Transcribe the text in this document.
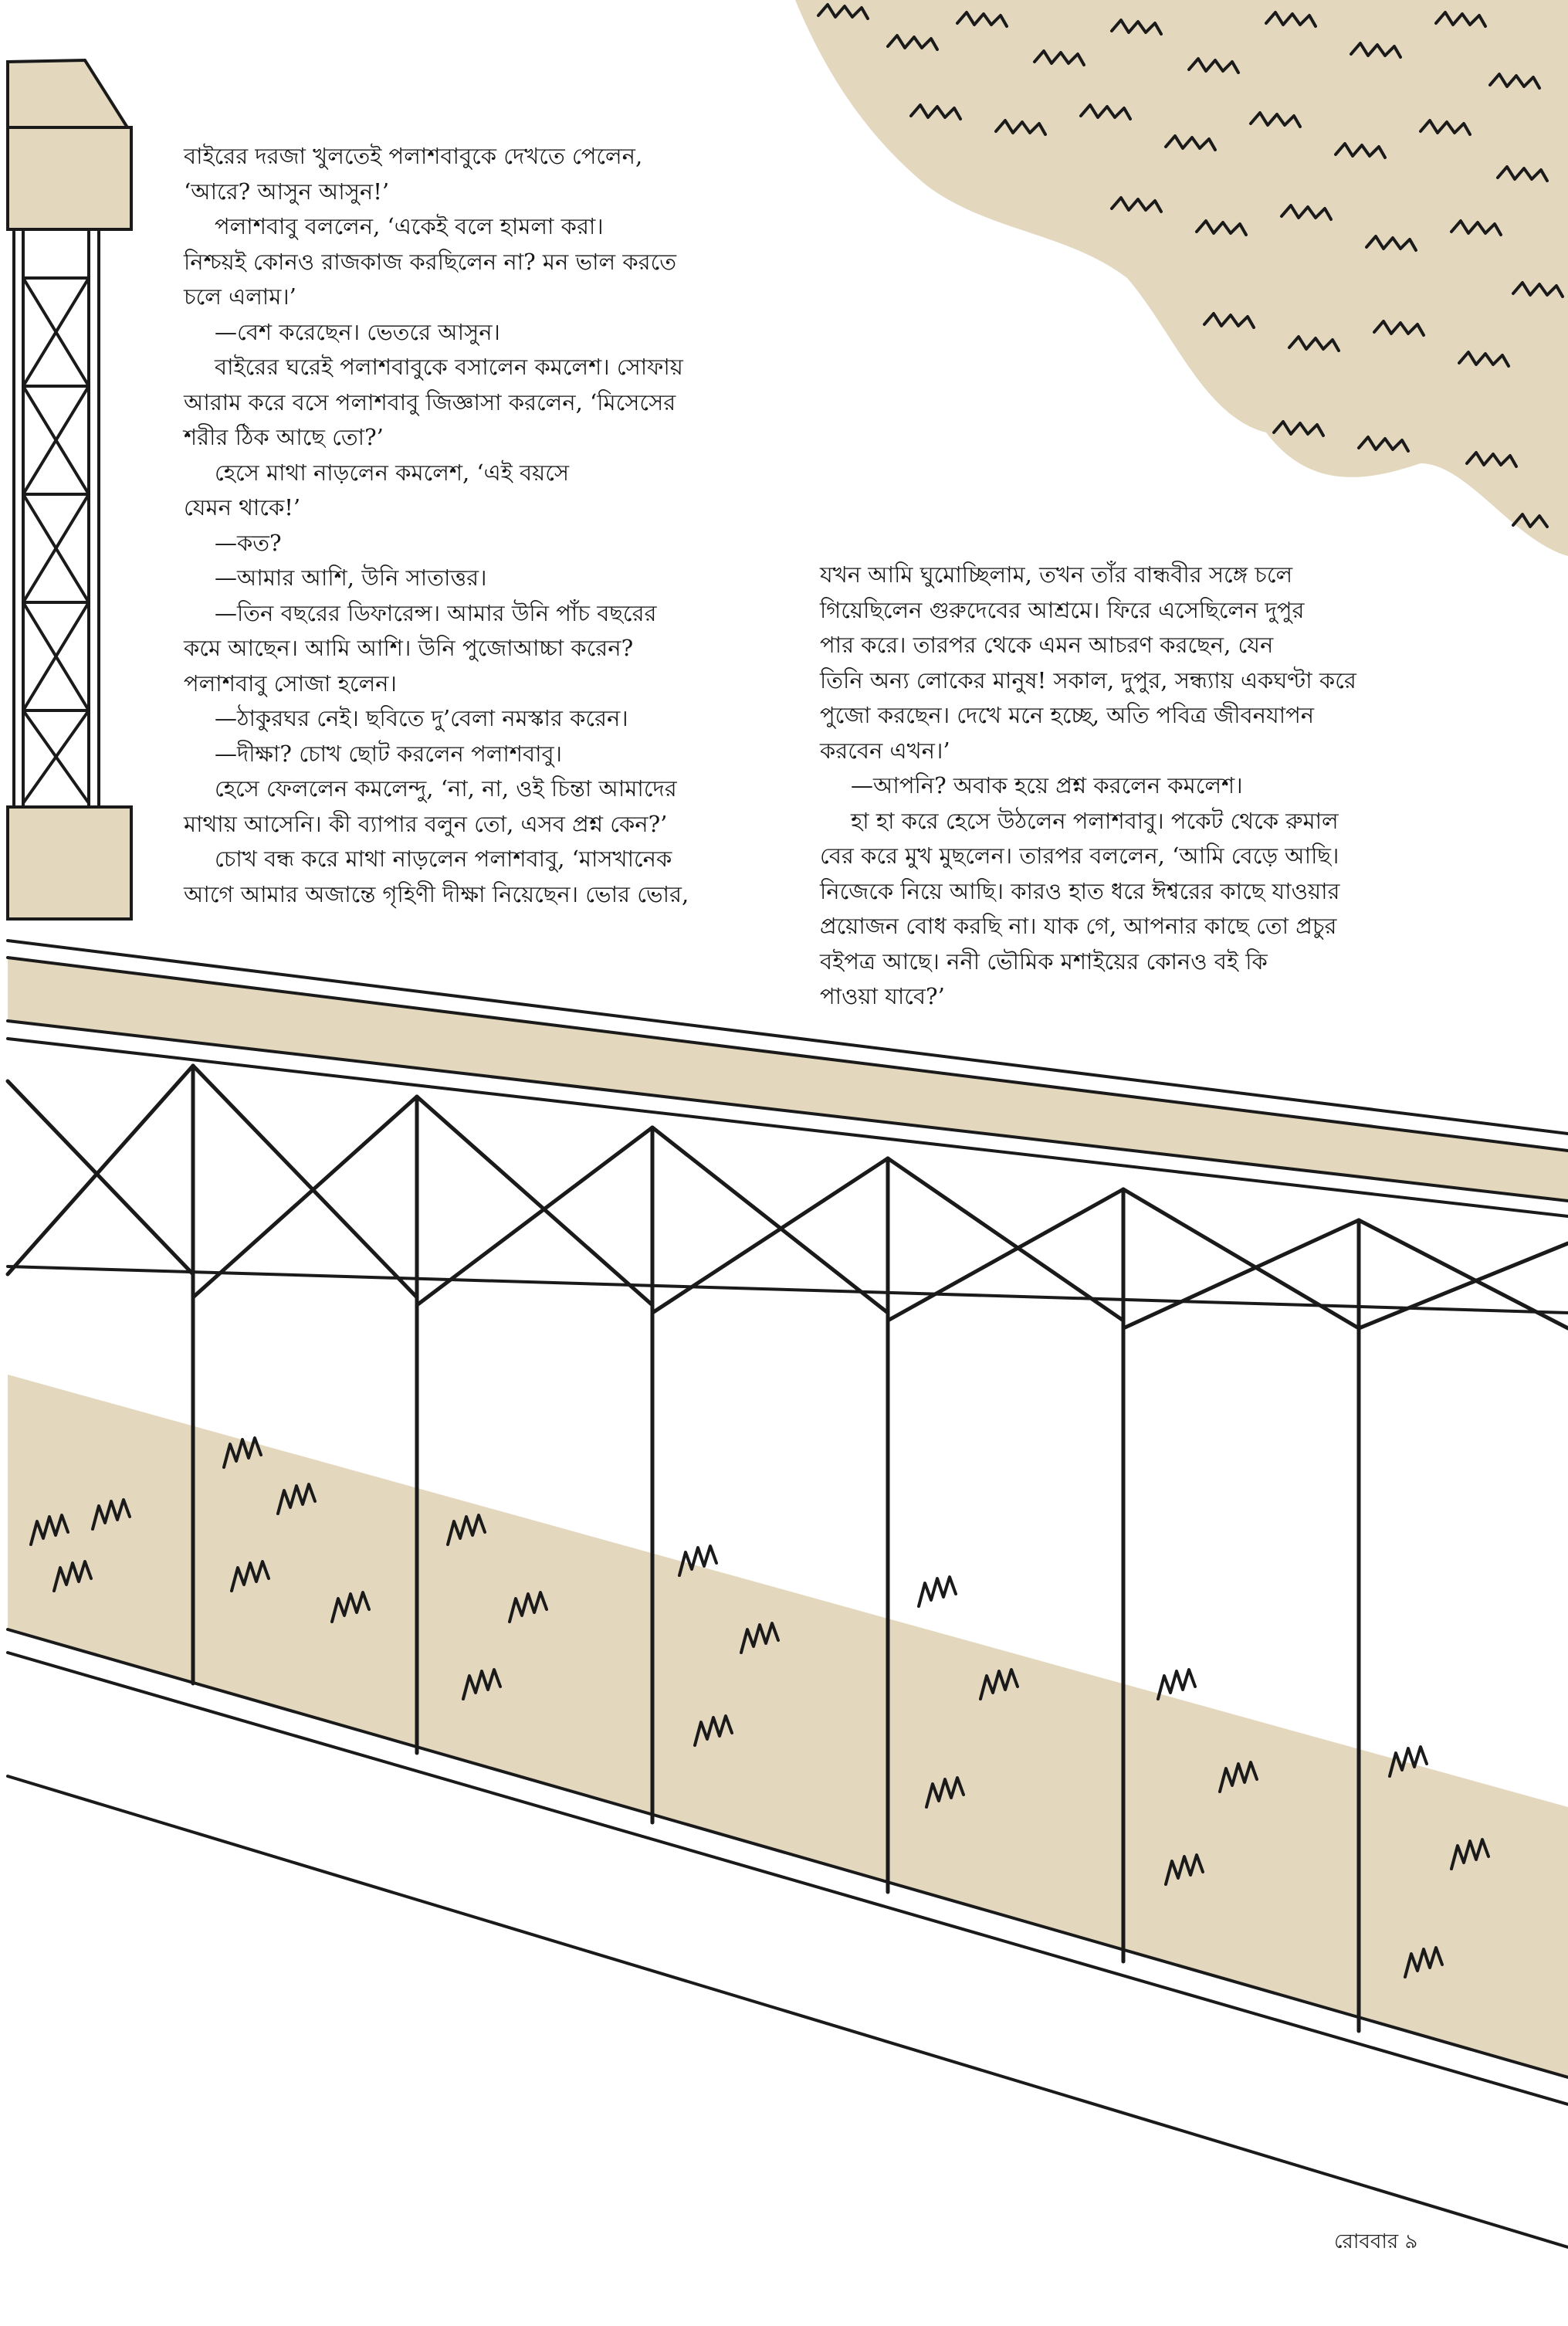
বাইরের দরজা খুলতেই পলাশবাবুকে দেখতে পেলেন,

‘আরে? আসুন আসুন!’

পলাশবাবু বললেন, ‘একেই বলে হামলা করা।

নিশ্চয়ই কোনও রাজকাজ করছিলেন না? মন ভাল করতে

চলে এলাম।’

—বেশ করেছেন। ভেতরে আসুন।

বাইরের ঘরেই পলাশবাবুকে বসালেন কমলেশ। সোফায়

আরাম করে বসে পলাশবাবু জিজ্ঞাসা করলেন, ‘মিসেসের

শরীর ঠিক আছে তো?’

হেসে মাথা নাড়লেন কমলেশ, ‘এই বয়সে

যেমন থাকে!’

—কত?

—আমার আশি, উনি সাতাত্তর।

—তিন বছরের ডিফারেন্স। আমার উনি পাঁচ বছরের

কমে আছেন। আমি আশি। উনি পুজোআচ্চা করেন?

পলাশবাবু সোজা হলেন।

—ঠাকুরঘর নেই। ছবিতে দু’বেলা নমস্কার করেন।

—দীক্ষা? চোখ ছোট করলেন পলাশবাবু।

হেসে ফেললেন কমলেন্দু, ‘না, না, ওই চিন্তা আমাদের

মাথায় আসেনি। কী ব্যাপার বলুন তো, এসব প্রশ্ন কেন?’

চোখ বন্ধ করে মাথা নাড়লেন পলাশবাবু, ‘মাসখানেক

আগে আমার অজান্তে গৃহিণী দীক্ষা নিয়েছেন। ভোর ভোর,

যখন আমি ঘুমোচ্ছিলাম, তখন তাঁর বান্ধবীর সঙ্গে চলে

গিয়েছিলেন গুরুদেবের আশ্রমে। ফিরে এসেছিলেন দুপুর

পার করে। তারপর থেকে এমন আচরণ করছেন, যেন

তিনি অন্য লোকের মানুষ! সকাল, দুপুর, সন্ধ্যায় একঘণ্টা করে

পুজো করছেন। দেখে মনে হচ্ছে, অতি পবিত্র জীবনযাপন

করবেন এখন।’

—আপনি? অবাক হয়ে প্রশ্ন করলেন কমলেশ।

হা হা করে হেসে উঠলেন পলাশবাবু। পকেট থেকে রুমাল

বের করে মুখ মুছলেন। তারপর বললেন, ‘আমি বেড়ে আছি।

নিজেকে নিয়ে আছি। কারও হাত ধরে ঈশ্বরের কাছে যাওয়ার

প্রয়োজন বোধ করছি না। যাক গে, আপনার কাছে তো প্রচুর

বইপত্র আছে। ননী ভৌমিক মশাইয়ের কোনও বই কি

পাওয়া যাবে?’

রোববার ৯
